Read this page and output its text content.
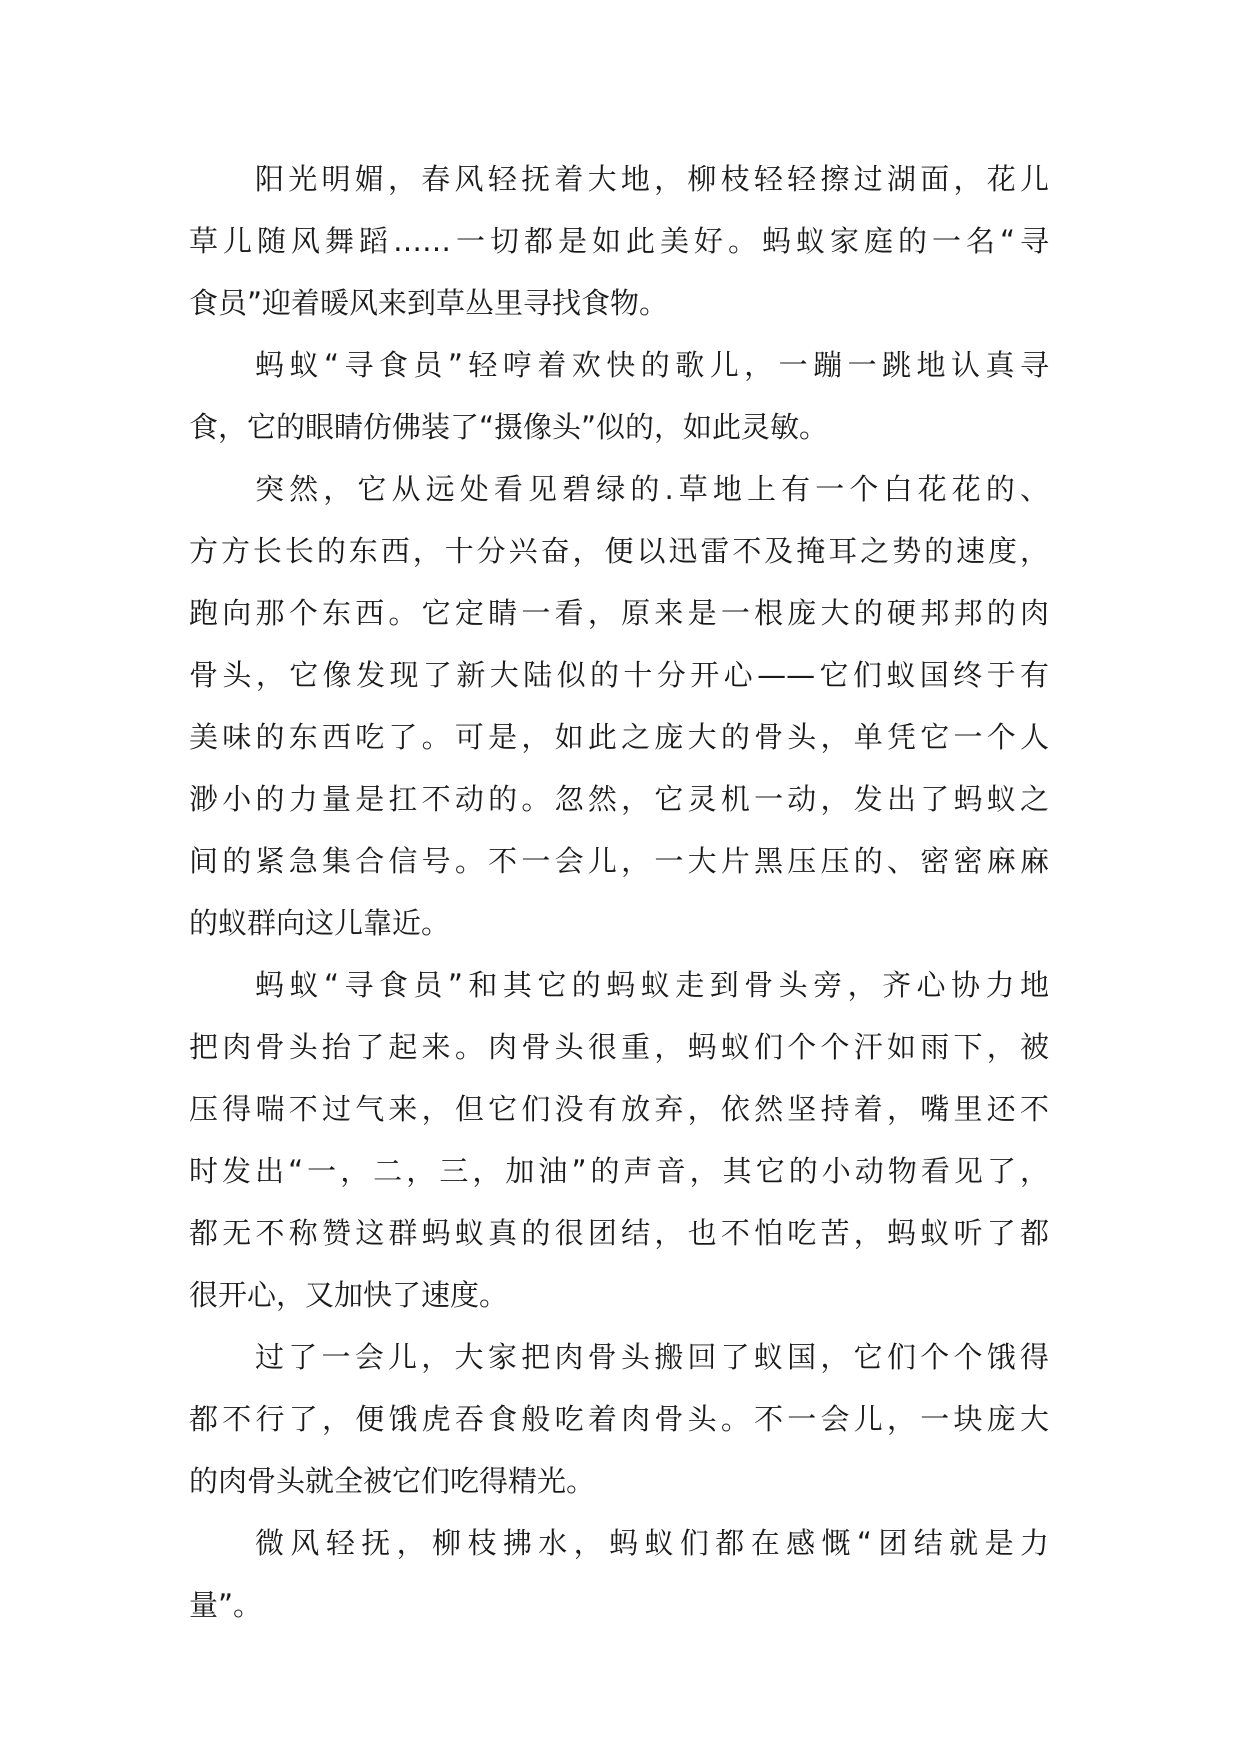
阳光明媚，春风轻抚着大地，柳枝轻轻擦过湖面，花儿
草儿随风舞蹈……一切都是如此美好。蚂蚁家庭的一名“寻
食员”迎着暖风来到草丛里寻找食物。
蚂蚁“寻食员”轻哼着欢快的歌儿，一蹦一跳地认真寻
食，它的眼睛仿佛装了“摄像头”似的，如此灵敏。
突然，它从远处看见碧绿的.草地上有一个白花花的、
方方长长的东西，十分兴奋，便以迅雷不及掩耳之势的速度，
跑向那个东西。它定睛一看，原来是一根庞大的硬邦邦的肉
骨头，它像发现了新大陆似的十分开心——它们蚁国终于有
美味的东西吃了。可是，如此之庞大的骨头，单凭它一个人
渺小的力量是扛不动的。忽然，它灵机一动，发出了蚂蚁之
间的紧急集合信号。不一会儿，一大片黑压压的、密密麻麻
的蚁群向这儿靠近。
蚂蚁“寻食员”和其它的蚂蚁走到骨头旁，齐心协力地
把肉骨头抬了起来。肉骨头很重，蚂蚁们个个汗如雨下，被
压得喘不过气来，但它们没有放弃，依然坚持着，嘴里还不
时发出“一，二，三，加油”的声音，其它的小动物看见了，
都无不称赞这群蚂蚁真的很团结，也不怕吃苦，蚂蚁听了都
很开心，又加快了速度。
过了一会儿，大家把肉骨头搬回了蚁国，它们个个饿得
都不行了，便饿虎吞食般吃着肉骨头。不一会儿，一块庞大
的肉骨头就全被它们吃得精光。
微风轻抚，柳枝拂水，蚂蚁们都在感慨“团结就是力
量”。
